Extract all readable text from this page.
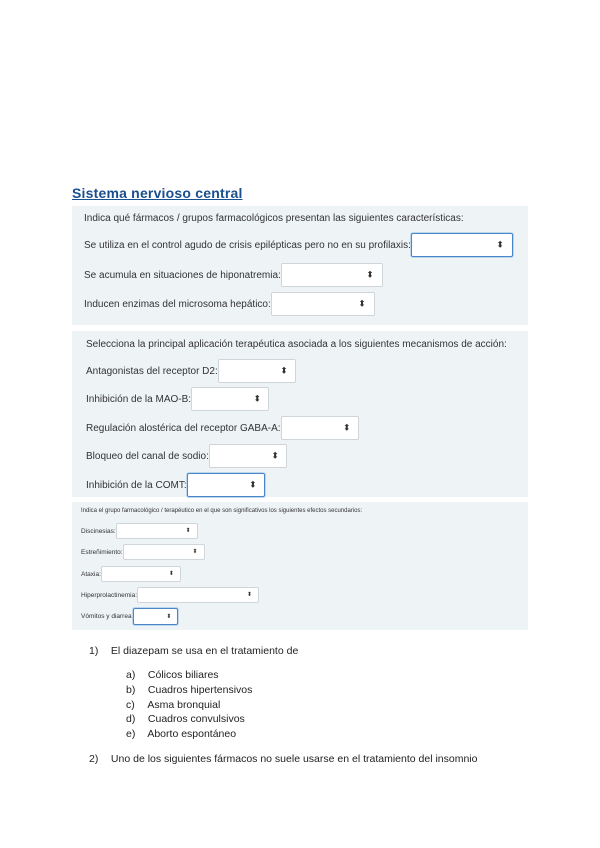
Sistema nervioso central
Indica qué fármacos / grupos farmacológicos presentan las siguientes características:
Se utiliza en el control agudo de crisis epilépticas pero no en su profilaxis:	⬍
Se acumula en situaciones de hiponatremia:	⬍
Inducen enzimas del microsoma hepático:	⬍
Selecciona la principal aplicación terapéutica asociada a los siguientes mecanismos de acción:
Antagonistas del receptor D2:	⬍
Inhibición de la MAO-B:	⬍
Regulación alostérica del receptor GABA-A:	⬍
Bloqueo del canal de sodio:	⬍
Inhibición de la COMT:	⬍
Indica el grupo farmacológico / terapéutico en el que son significativos los siguientes efectos secundarios:
Discinesias:	⬍
Estreñimiento:	⬍
Ataxia:	⬍
Hiperprolactinemia:	⬍
Vómitos y diarrea:	⬍
1) El diazepam se usa en el tratamiento de
a) Cólicos biliares
b) Cuadros hipertensivos
c) Asma bronquial
d) Cuadros convulsivos
e) Aborto espontáneo
2) Uno de los siguientes fármacos no suele usarse en el tratamiento del insomnio
